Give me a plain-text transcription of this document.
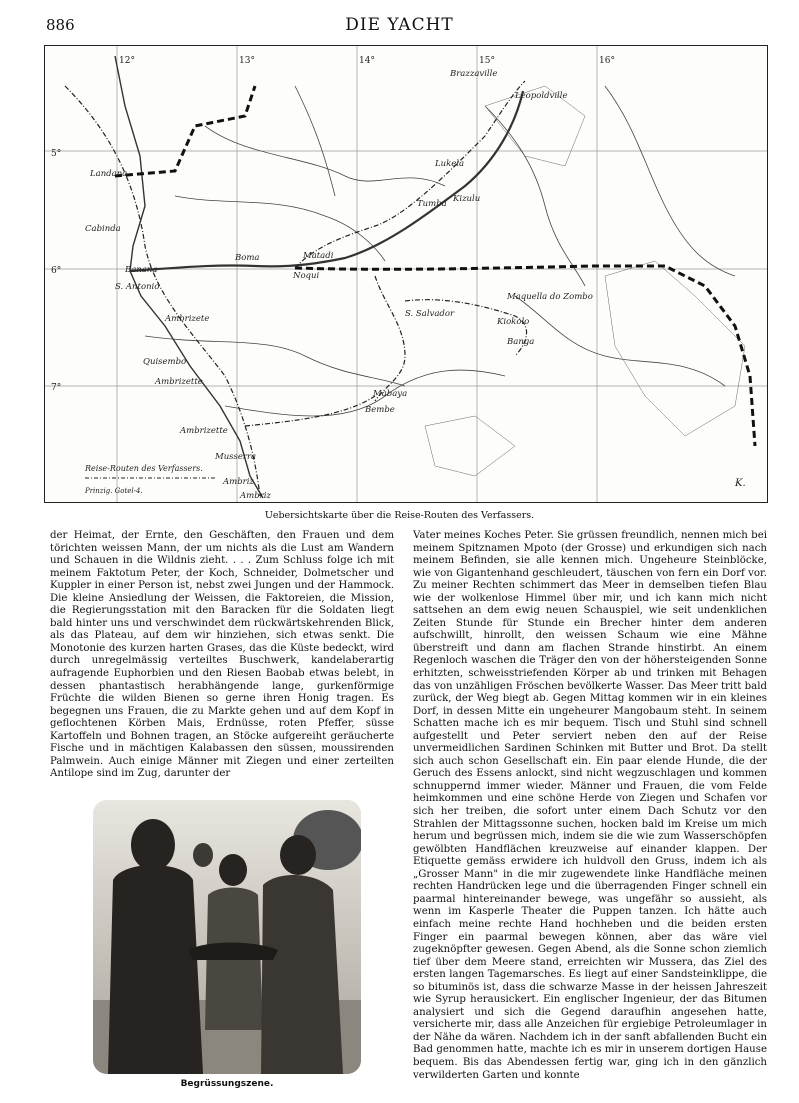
886	DIE YACHT
12°	13°	14°	15°	16°
5°
6°
7°
Brazzaville
Leopoldville
Lukela
Landana
Cabinda
Tumba Kizulu
Boma	Matadi
Noqui
Banana
S. Antonio
Maquella do Zombo
S. Salvador
Kiokolo
Banga
Ambrizete
Quisembo
Ambrizette
Musserra
Ambriz
Mabaya
Bembe
Ambrizette
Ambriz
Reise-Routen des Verfassers.
Prinzig. Gotel-4.
K.
Uebersichtskarte über die Reise-Routen des Verfassers.

der Heimat, der Ernte, den Geschäften, den Frauen und dem törichten weissen Mann, der um nichts als die Lust am Wandern und Schauen in die Wildnis zieht. . . . Zum Schluss folge ich mit meinem Faktotum Peter, der Koch, Schneider, Dolmetscher und Kuppler in einer Person ist, nebst zwei Jungen und der Hammock. Die kleine Ansiedlung der Weissen, die Faktoreien, die Mission, die Regierungsstation mit den Baracken für die Soldaten liegt bald hinter uns und verschwindet dem rückwärtskehrenden Blick, als das Plateau, auf dem wir hinziehen, sich etwas senkt. Die Monotonie des kurzen harten Grases, das die Küste bedeckt, wird durch unregelmässig verteiltes Buschwerk, kandelaberartig aufragende Euphorbien und den Riesen Baobab etwas belebt, in dessen phantastisch herabhängende lange, gurkenförmige Früchte die wilden Bienen so gerne ihren Honig tragen. Es begegnen uns Frauen, die zu Markte gehen und auf dem Kopf in geflochtenen Körben Mais, Erdnüsse, roten Pfeffer, süsse Kartoffeln und Bohnen tragen, an Stöcke aufgereiht geräucherte Fische und in mächtigen Kalabassen den süssen, moussirenden Palmwein. Auch einige Männer mit Ziegen und einer zerteilten Antilope sind im Zug, darunter der

Begrüssungszene.

Vater meines Koches Peter. Sie grüssen freundlich, nennen mich bei meinem Spitznamen Mpoto (der Grosse) und erkundigen sich nach meinem Befinden, sie alle kennen mich. Ungeheure Steinblöcke, wie von Gigantenhand geschleudert, täuschen von fern ein Dorf vor. Zu meiner Rechten schimmert das Meer in demselben tiefen Blau wie der wolkenlose Himmel über mir, und ich kann mich nicht sattsehen an dem ewig neuen Schauspiel, wie seit undenklichen Zeiten Stunde für Stunde ein Brecher hinter dem anderen aufschwillt, hinrollt, den weissen Schaum wie eine Mähne überstreift und dann am flachen Strande hinstirbt. An einem Regenloch waschen die Träger den von der höhersteigenden Sonne erhitzten, schweisstriefenden Körper ab und trinken mit Behagen das von unzähligen Fröschen bevölkerte Wasser. Das Meer tritt bald zurück, der Weg biegt ab. Gegen Mittag kommen wir in ein kleines Dorf, in dessen Mitte ein ungeheurer Mangobaum steht. In seinem Schatten mache ich es mir bequem. Tisch und Stuhl sind schnell aufgestellt und Peter serviert neben den auf der Reise unvermeidlichen Sardinen Schinken mit Butter und Brot. Da stellt sich auch schon Gesellschaft ein. Ein paar elende Hunde, die der Geruch des Essens anlockt, sind nicht wegzuschlagen und kommen schnuppernd immer wieder. Männer und Frauen, die vom Felde heimkommen und eine schöne Herde von Ziegen und Schafen vor sich her treiben, die sofort unter einem Dach Schutz vor den Strahlen der Mittagssonne suchen, hocken bald im Kreise um mich herum und begrüssen mich, indem sie die wie zum Wasserschöpfen gewölbten Handflächen kreuzweise auf einander klappen. Der Etiquette gemäss erwidere ich huldvoll den Gruss, indem ich als „Grosser Mann" in die mir zugewendete linke Handfläche meinen rechten Handrücken lege und die überragenden Finger schnell ein paarmal hintereinander bewege, was ungefähr so aussieht, als wenn im Kasperle Theater die Puppen tanzen. Ich hätte auch einfach meine rechte Hand hochheben und die beiden ersten Finger ein paarmal bewegen können, aber das wäre viel zugeknöpfter gewesen. Gegen Abend, als die Sonne schon ziemlich tief über dem Meere stand, erreichten wir Mussera, das Ziel des ersten langen Tagemarsches. Es liegt auf einer Sandsteinklippe, die so bituminös ist, dass die schwarze Masse in der heissen Jahreszeit wie Syrup herausickert. Ein englischer Ingenieur, der das Bitumen analysiert und sich die Gegend daraufhin angesehen hatte, versicherte mir, dass alle Anzeichen für ergiebige Petroleumlager in der Nähe da wären. Nachdem ich in der sanft abfallenden Bucht ein Bad genommen hatte, machte ich es mir in unserem dortigen Hause bequem. Bis das Abendessen fertig war, ging ich in den gänzlich verwilderten Garten und konnte
